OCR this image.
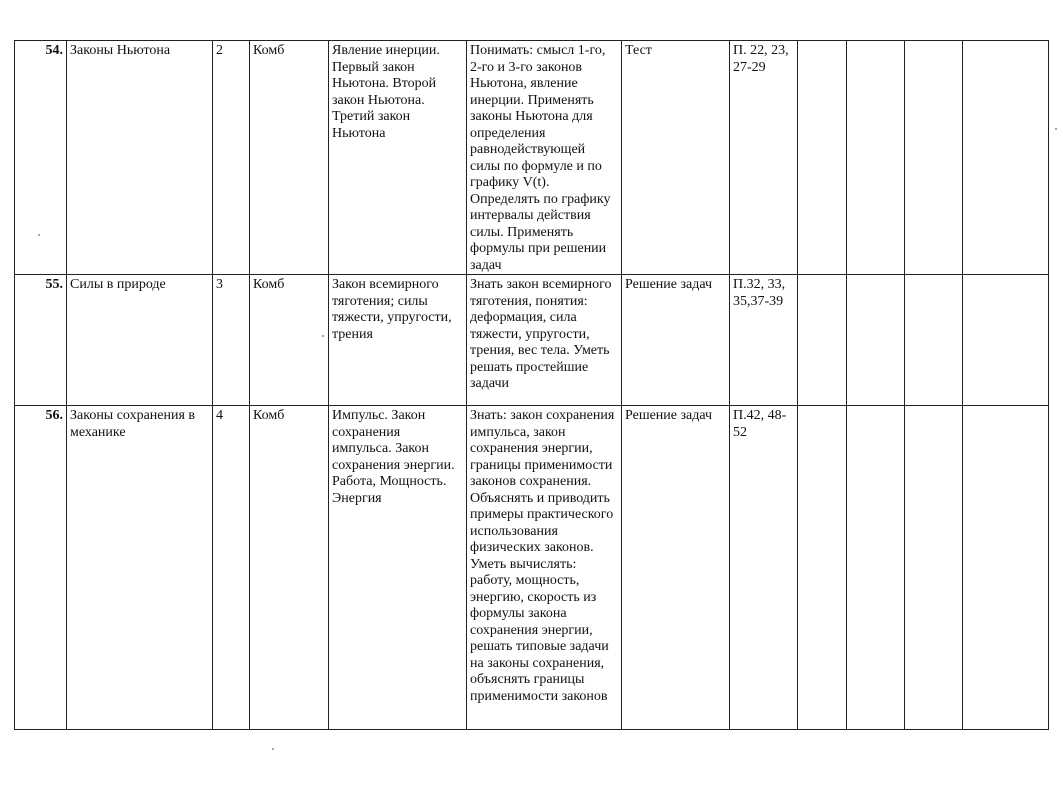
54.	Законы Ньютона	2	Комб	Явление инерции. Первый закон Ньютона. Второй закон Ньютона. Третий закон Ньютона	Понимать: смысл 1-го, 2-го и 3-го законов Ньютона, явление инерции. Применять законы Ньютона для определения равнодействующей силы по формуле и по графику V(t). Определять по графику интервалы действия силы. Применять формулы при решении задач	Тест	П. 22, 23, 27-29				
55.	Силы в природе	3	Комб	Закон всемирного тяготения; силы тяжести, упругости, трения	Знать закон всемирного тяготения, понятия: деформация, сила тяжести, упругости, трения, вес тела. Уметь решать простейшие задачи	Решение задач	П.32, 33, 35,37-39				
56.	Законы сохранения в механике	4	Комб	Импульс. Закон сохранения импульса. Закон сохранения энергии. Работа, Мощность. Энергия	Знать: закон сохранения импульса, закон сохранения энергии, границы применимости законов сохранения. Объяснять и приводить примеры практического использования физических законов. Уметь вычислять: работу, мощность, энергию, скорость из формулы закона сохранения энергии, решать типовые задачи на законы сохранения, объяснять границы применимости законов	Решение задач	П.42, 48-52				
